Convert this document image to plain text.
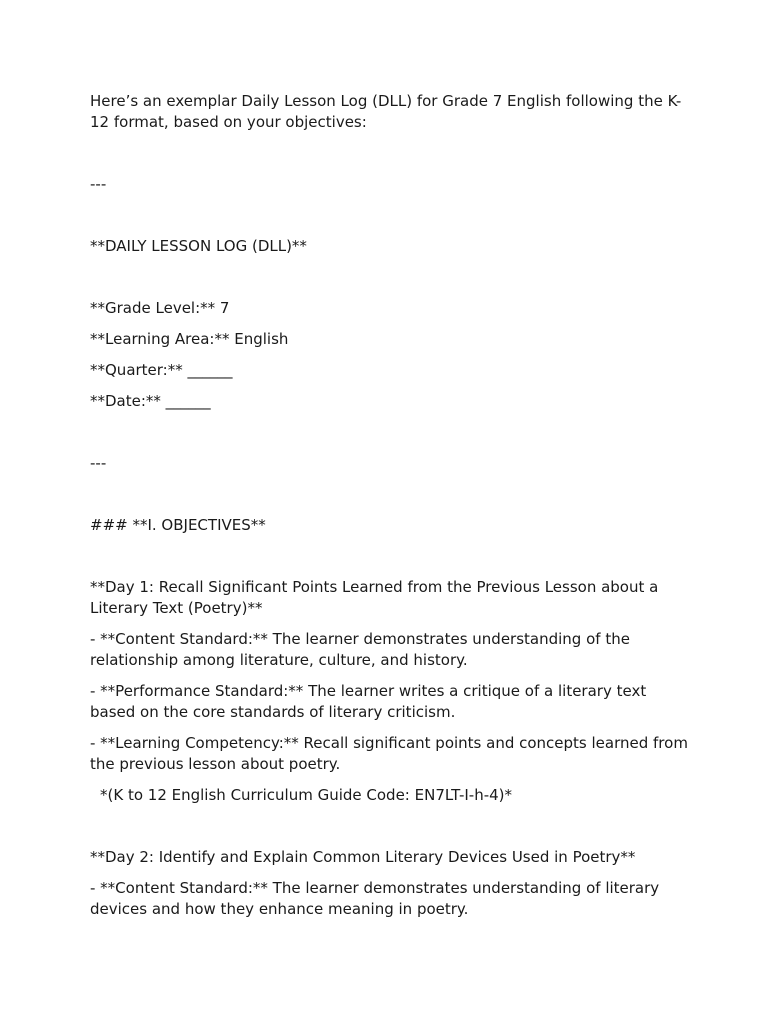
Here’s an exemplar Daily Lesson Log (DLL) for Grade 7 English following the K-12 format, based on your objectives:

---

**DAILY LESSON LOG (DLL)**

**Grade Level:** 7

**Learning Area:** English

**Quarter:** ______

**Date:** ______

---

### **I. OBJECTIVES**

**Day 1: Recall Significant Points Learned from the Previous Lesson about a Literary Text (Poetry)**

- **Content Standard:** The learner demonstrates understanding of the relationship among literature, culture, and history.

- **Performance Standard:** The learner writes a critique of a literary text based on the core standards of literary criticism.

- **Learning Competency:** Recall significant points and concepts learned from the previous lesson about poetry.

*(K to 12 English Curriculum Guide Code: EN7LT-I-h-4)*

**Day 2: Identify and Explain Common Literary Devices Used in Poetry**

- **Content Standard:** The learner demonstrates understanding of literary devices and how they enhance meaning in poetry.
